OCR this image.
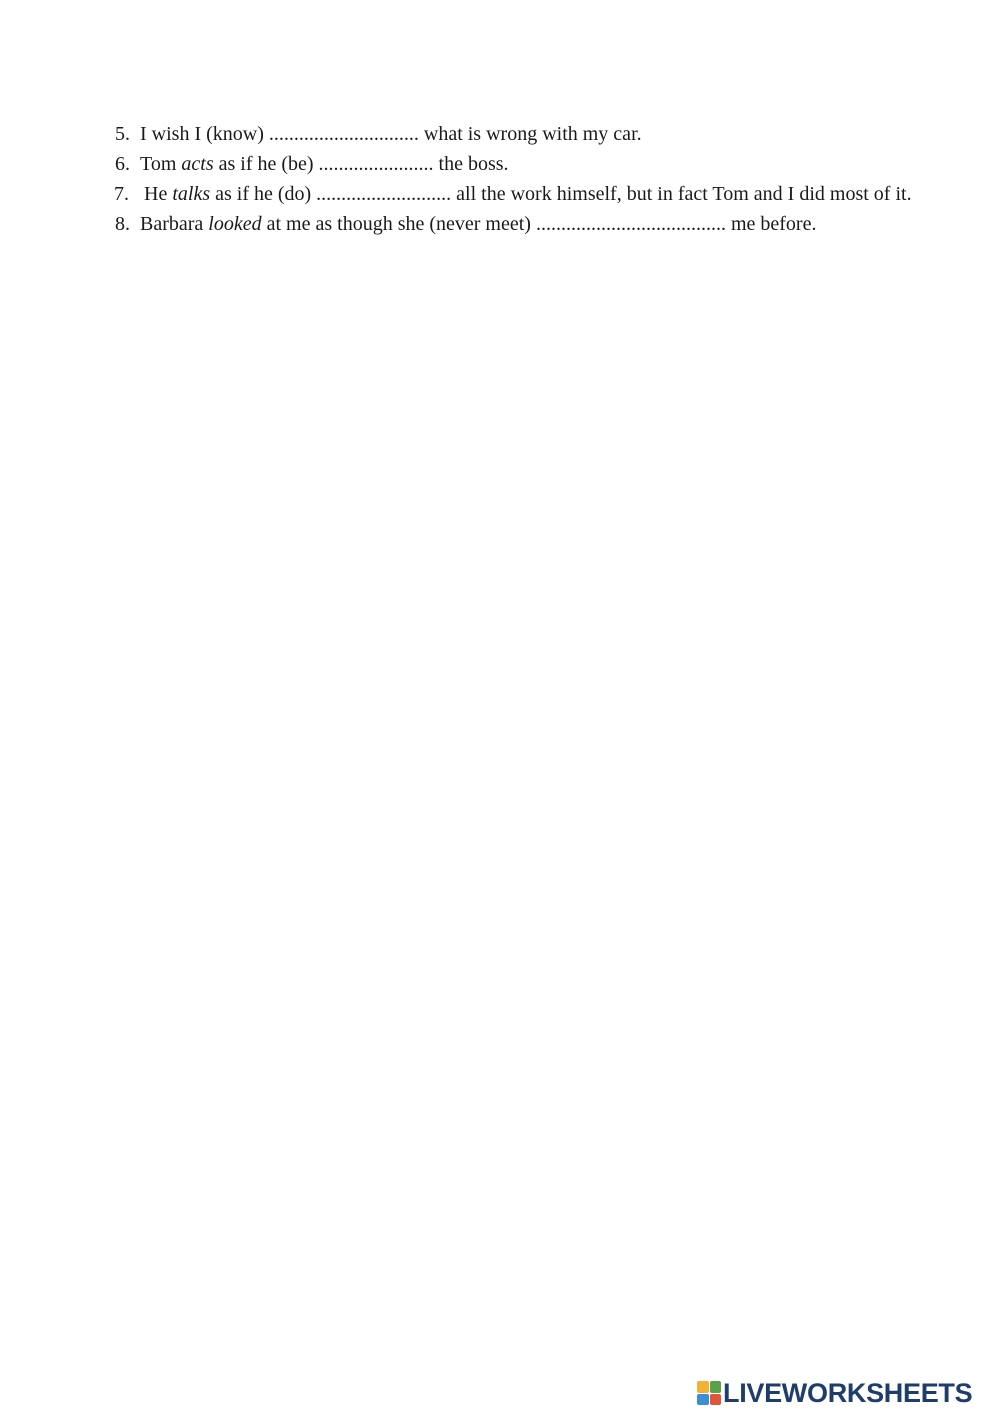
5. I wish I (know) .............................. what is wrong with my car.
6. Tom acts as if he (be) ....................... the boss.
7. He talks as if he (do) ........................... all the work himself, but in fact Tom and I did most of it.
8. Barbara looked at me as though she (never meet) ...................................... me before.
LIVEWORKSHEETS
